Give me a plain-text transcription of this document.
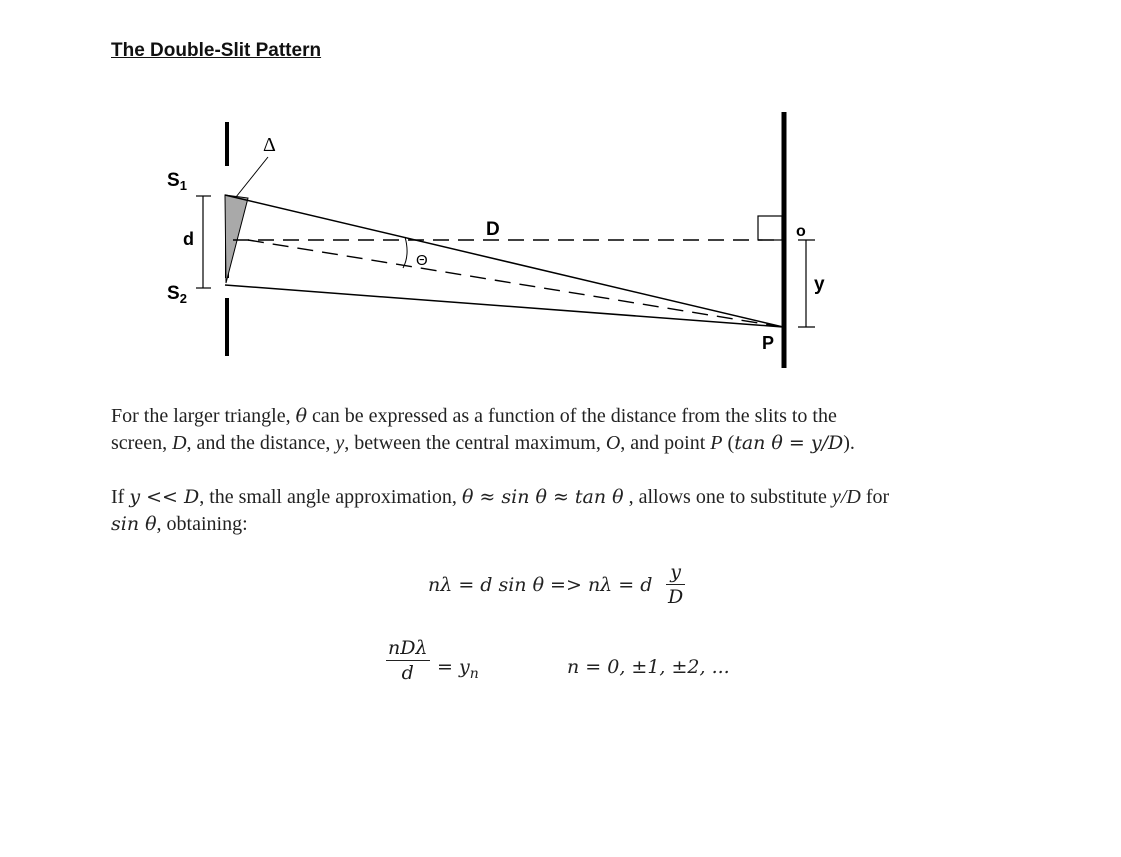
The Double-Slit Pattern
$S_1$
$S_2$
d
Δ
Θ
D	o
y
P
For the larger triangle, θ can be expressed as a function of the distance from the slits to the
screen, D, and the distance, y, between the central maximum, O, and point P (tan θ = y/D).
If y << D, the small angle approximation, θ ≈ sin θ ≈ tan θ , allows one to substitute y/D for
sin θ, obtaining:
nλ = d sin θ => nλ = d
y
D
nDλ
$d = y_n$	n = 0, ±1, ±2, ...
